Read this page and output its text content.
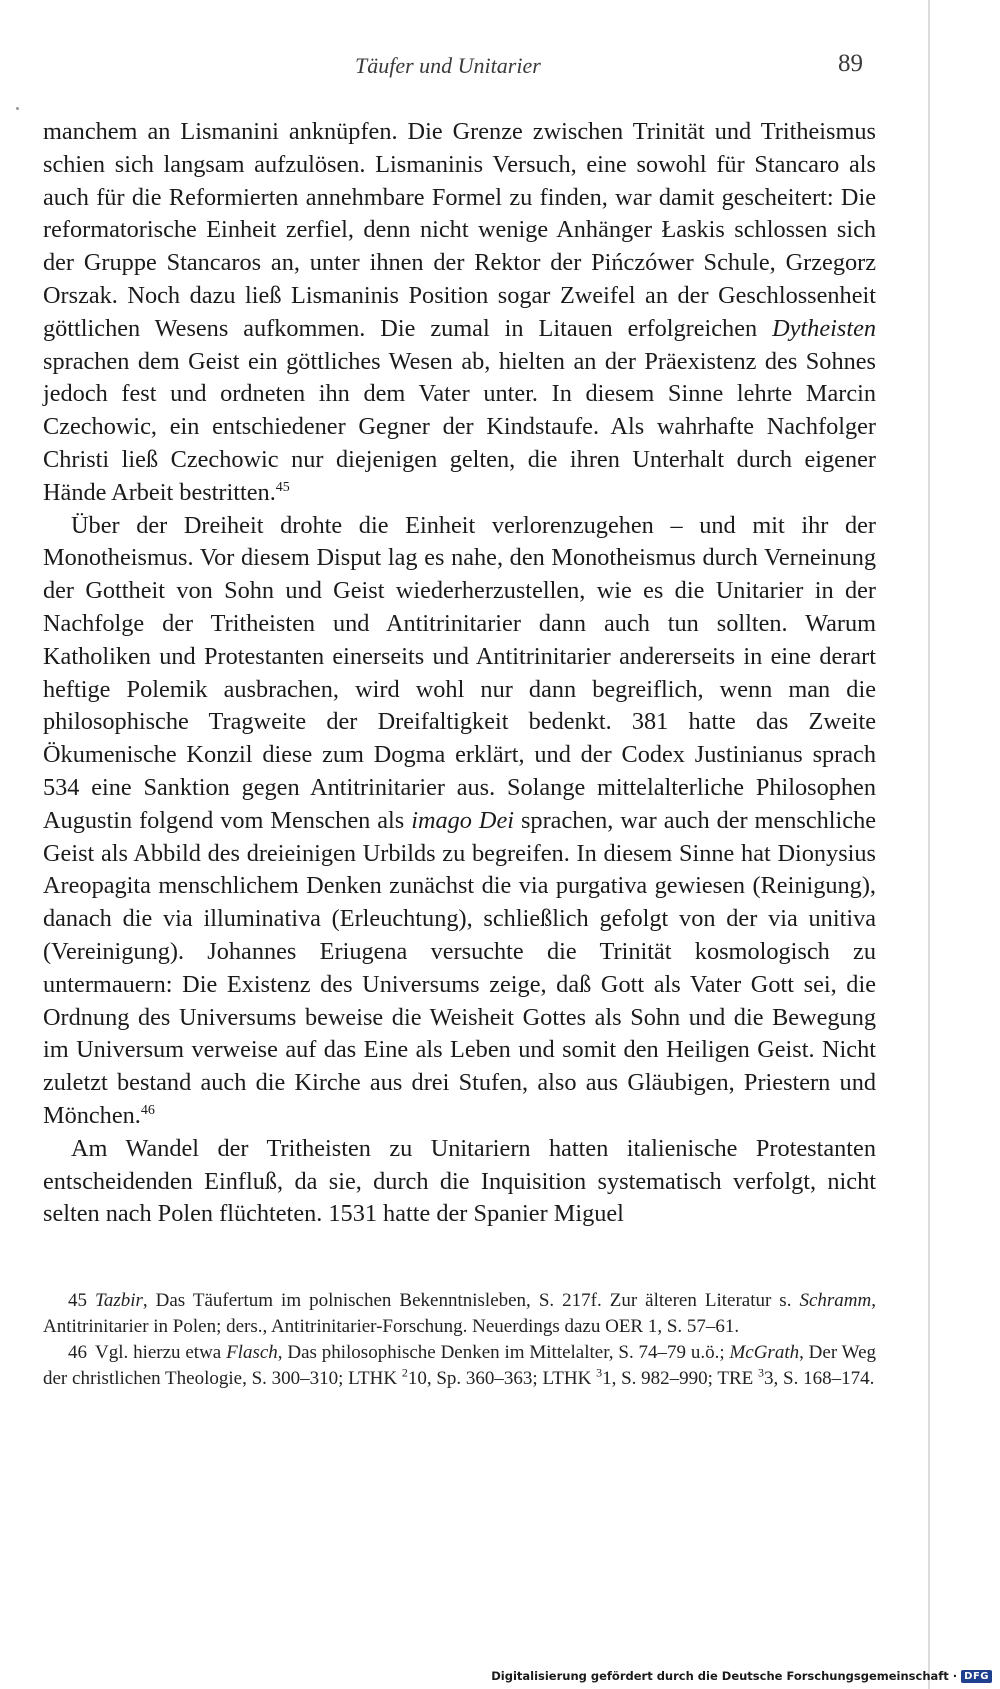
Täufer und Unitarier	89

manchem an Lismanini anknüpfen. Die Grenze zwischen Trinität und Tritheismus schien sich langsam aufzulösen. Lismaninis Versuch, eine sowohl für Stancaro als auch für die Reformierten annehmbare Formel zu finden, war damit gescheitert: Die reformatorische Einheit zerfiel, denn nicht wenige Anhänger Łaskis schlossen sich der Gruppe Stancaros an, unter ihnen der Rektor der Pińczówer Schule, Grzegorz Orszak. Noch dazu ließ Lismaninis Position sogar Zweifel an der Geschlossenheit göttlichen Wesens aufkommen. Die zumal in Litauen erfolgreichen Dytheisten sprachen dem Geist ein göttliches Wesen ab, hielten an der Präexistenz des Sohnes jedoch fest und ordneten ihn dem Vater unter. In diesem Sinne lehrte Marcin Czechowic, ein entschiedener Gegner der Kindstaufe. Als wahrhafte Nachfolger Christi ließ Czechowic nur diejenigen gelten, die ihren Unterhalt durch eigener Hände Arbeit bestritten.$^{45}$

Über der Dreiheit drohte die Einheit verlorenzugehen – und mit ihr der Monotheismus. Vor diesem Disput lag es nahe, den Monotheismus durch Verneinung der Gottheit von Sohn und Geist wiederherzustellen, wie es die Unitarier in der Nachfolge der Tritheisten und Antitrinitarier dann auch tun sollten. Warum Katholiken und Protestanten einerseits und Antitrinitarier andererseits in eine derart heftige Polemik ausbrachen, wird wohl nur dann begreiflich, wenn man die philosophische Tragweite der Dreifaltigkeit bedenkt. 381 hatte das Zweite Ökumenische Konzil diese zum Dogma erklärt, und der Codex Justinianus sprach 534 eine Sanktion gegen Antitrinitarier aus. Solange mittelalterliche Philosophen Augustin folgend vom Menschen als imago Dei sprachen, war auch der menschliche Geist als Abbild des dreieinigen Urbilds zu begreifen. In diesem Sinne hat Dionysius Areopagita menschlichem Denken zunächst die via purgativa gewiesen (Reinigung), danach die via illuminativa (Erleuchtung), schließlich gefolgt von der via unitiva (Vereinigung). Johannes Eriugena versuchte die Trinität kosmologisch zu untermauern: Die Existenz des Universums zeige, daß Gott als Vater Gott sei, die Ordnung des Universums beweise die Weisheit Gottes als Sohn und die Bewegung im Universum verweise auf das Eine als Leben und somit den Heiligen Geist. Nicht zuletzt bestand auch die Kirche aus drei Stufen, also aus Gläubigen, Priestern und Mönchen.$^{46}$

Am Wandel der Tritheisten zu Unitariern hatten italienische Protestanten entscheidenden Einfluß, da sie, durch die Inquisition systematisch verfolgt, nicht selten nach Polen flüchteten. 1531 hatte der Spanier Miguel

45 Tazbir, Das Täufertum im polnischen Bekenntnisleben, S. 217f. Zur älteren Literatur s. Schramm, Antitrinitarier in Polen; ders., Antitrinitarier-Forschung. Neuerdings dazu OER 1, S. 57–61.

46 Vgl. hierzu etwa Flasch, Das philosophische Denken im Mittelalter, S. 74–79 u.ö.; McGrath, Der Weg der christlichen Theologie, S. 300–310; LTHK $^2$10, Sp. 360–363; LTHK $^3$1, S. 982–990; TRE $^3$3, S. 168–174.

Digitalisierung gefördert durch die Deutsche Forschungsgemeinschaft · DFG
